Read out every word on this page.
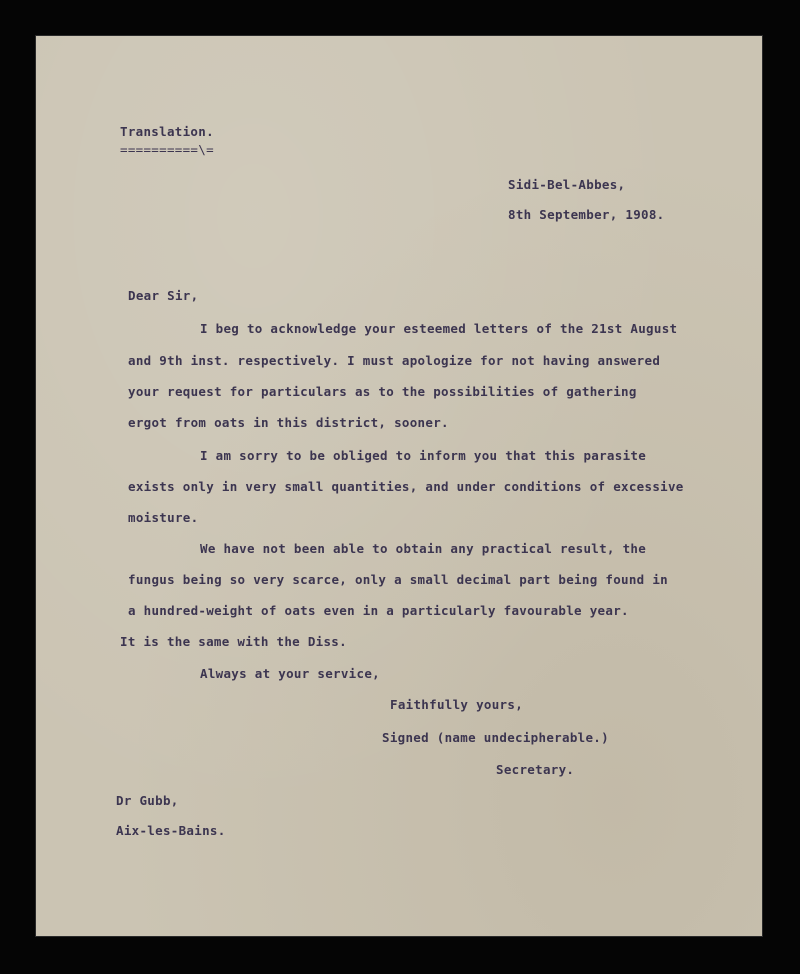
Translation.

==========\=

Sidi-Bel-Abbes,

8th September, 1908.

Dear Sir,

I beg to acknowledge your esteemed letters of the 21st August

and 9th inst. respectively. I must apologize for not having answered

your request for particulars as to the possibilities of gathering

ergot from oats in this district, sooner.

I am sorry to be obliged to inform you that this parasite

exists only in very small quantities, and under conditions of excessive

moisture.

We have not been able to obtain any practical result, the

fungus being so very scarce, only a small decimal part being found in

a hundred-weight of oats even in a particularly favourable year.

It is the same with the Diss.

Always at your service,

Faithfully yours,

Signed (name undecipherable.)

Secretary.

Dr Gubb,

Aix-les-Bains.
